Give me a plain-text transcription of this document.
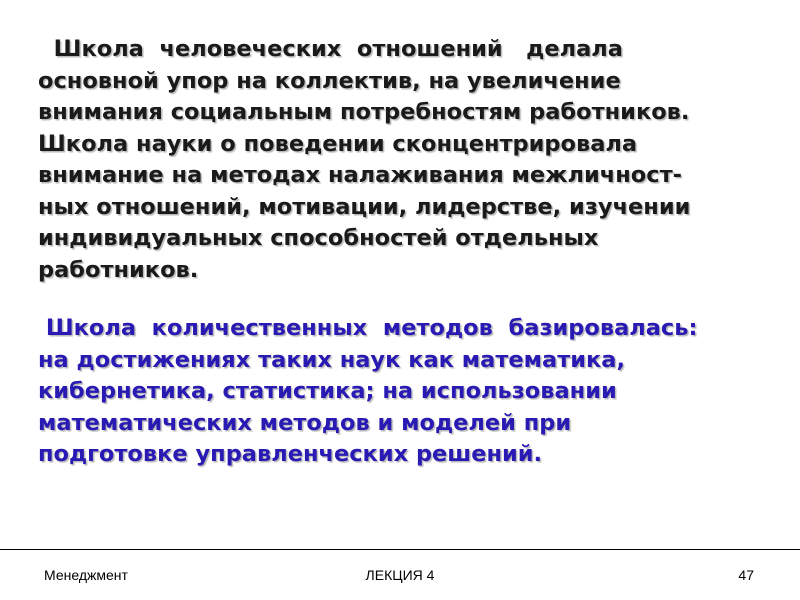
Школа  человеческих  отношений   делала
основной упор на коллектив, на увеличение
внимания социальным потребностям работников.
Школа науки о поведении сконцентрировала
внимание на методах налаживания межличност-
ных отношений, мотивации, лидерстве, изучении
индивидуальных способностей отдельных
работников.
Школа  количественных  методов  базировалась:
на достижениях таких наук как математика,
кибернетика, статистика; на использовании
математических методов и моделей при
подготовке управленческих решений.
Менеджмент	ЛЕКЦИЯ 4	47
